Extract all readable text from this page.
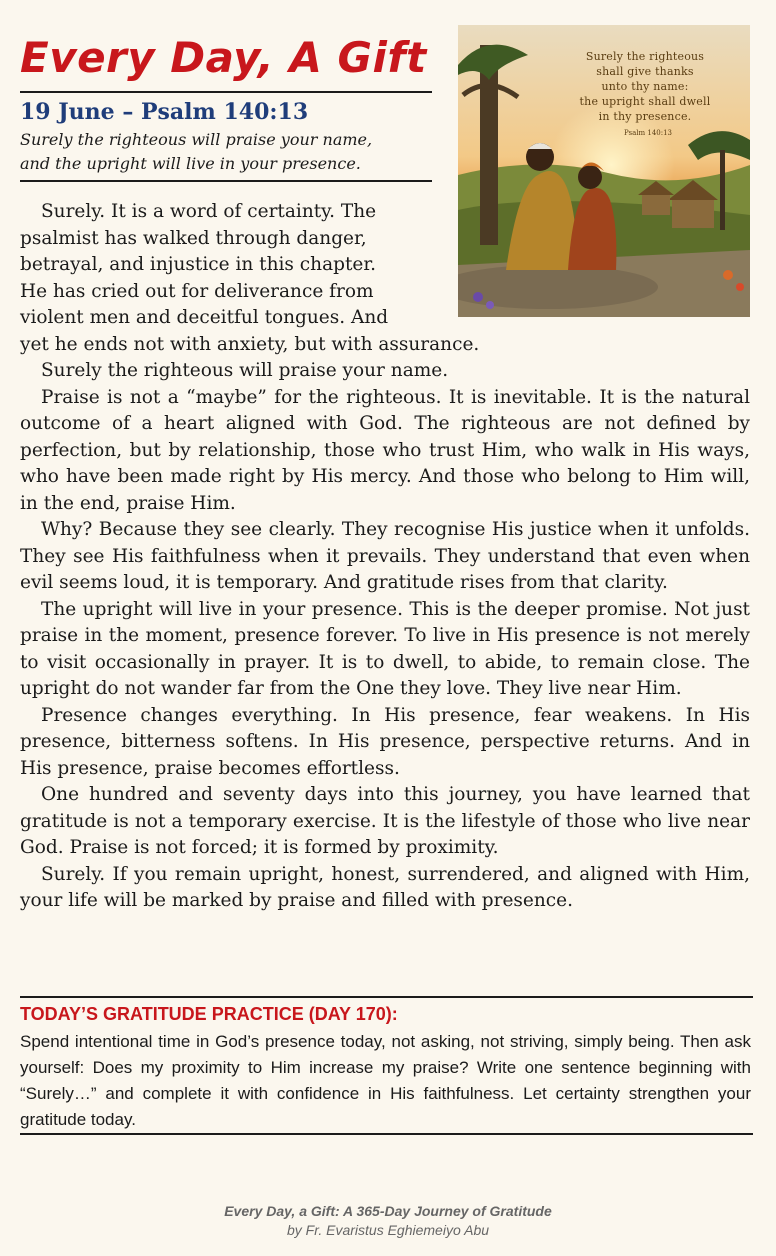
Every Day, A Gift
19 June – Psalm 140:13
Surely the righteous will praise your name,
and the upright will live in your presence.
Surely the righteous
shall give thanks
unto thy name:
the upright shall dwell
in thy presence.
Psalm 140:13

Surely. It is a word of certainty. The
psalmist has walked through danger,
betrayal, and injustice in this chapter.
He has cried out for deliverance from
violent men and deceitful tongues. And

yet he ends not with anxiety, but with assurance.

Surely the righteous will praise your name.

Praise is not a “maybe” for the righteous. It is inevitable. It is the natural outcome of a heart aligned with God. The righteous are not defined by perfection, but by relationship, those who trust Him, who walk in His ways, who have been made right by His mercy. And those who belong to Him will, in the end, praise Him.

Why? Because they see clearly. They recognise His justice when it unfolds. They see His faithfulness when it prevails. They understand that even when evil seems loud, it is temporary. And gratitude rises from that clarity.

The upright will live in your presence. This is the deeper promise. Not just praise in the moment, presence forever. To live in His presence is not merely to visit occasionally in prayer. It is to dwell, to abide, to remain close. The upright do not wander far from the One they love. They live near Him.

Presence changes everything. In His presence, fear weakens. In His presence, bitterness softens. In His presence, perspective returns. And in His presence, praise becomes effortless.

One hundred and seventy days into this journey, you have learned that gratitude is not a temporary exercise. It is the lifestyle of those who live near God. Praise is not forced; it is formed by proximity.

Surely. If you remain upright, honest, surrendered, and aligned with Him, your life will be marked by praise and filled with presence.

TODAY’S GRATITUDE PRACTICE (DAY 170):
Spend intentional time in God’s presence today, not asking, not striving, simply being. Then ask yourself: Does my proximity to Him increase my praise? Write one sentence beginning with “Surely…” and complete it with confidence in His faithfulness. Let certainty strengthen your gratitude today.
Every Day, a Gift: A 365-Day Journey of Gratitude
by Fr. Evaristus Eghiemeiyo Abu
